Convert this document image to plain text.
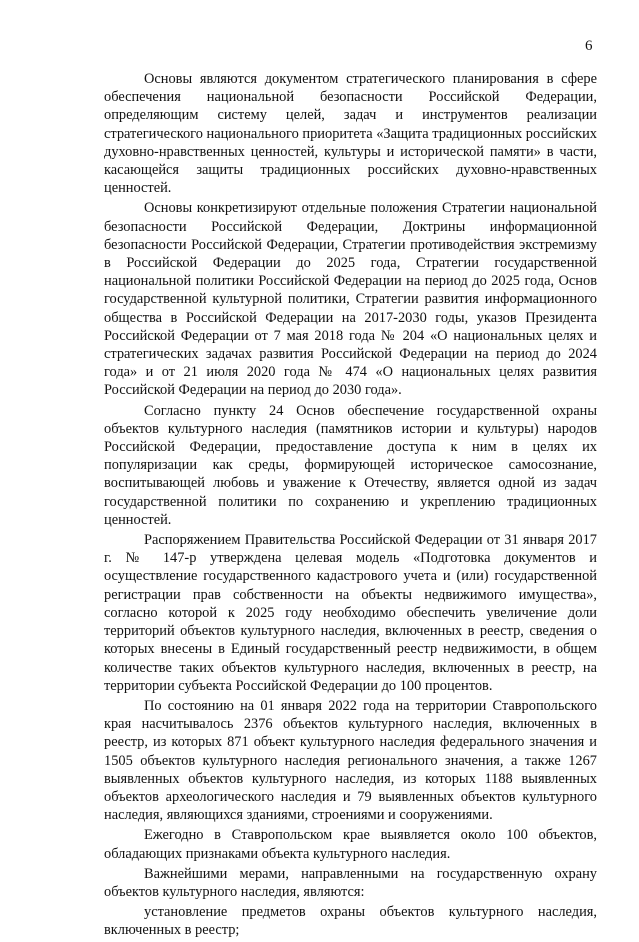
6

Основы являются документом стратегического планирования в сфере обеспечения национальной безопасности Российской Федерации, определяющим систему целей, задач и инструментов реализации стратегического национального приоритета «Защита традиционных российских духовно-нравственных ценностей, культуры и исторической памяти» в части, касающейся защиты традиционных российских духовно-нравственных ценностей.

Основы конкретизируют отдельные положения Стратегии национальной безопасности Российской Федерации, Доктрины информационной безопасности Российской Федерации, Стратегии противодействия экстремизму в Российской Федерации до 2025 года, Стратегии государственной национальной политики Российской Федерации на период до 2025 года, Основ государственной культурной политики, Стратегии развития информационного общества в Российской Федерации на 2017-2030 годы, указов Президента Российской Федерации от 7 мая 2018 года № 204 «О национальных целях и стратегических задачах развития Российской Федерации на период до 2024 года» и от 21 июля 2020 года № 474 «О национальных целях развития Российской Федерации на период до 2030 года».

Согласно пункту 24 Основ обеспечение государственной охраны объектов культурного наследия (памятников истории и культуры) народов Российской Федерации, предоставление доступа к ним в целях их популяризации как среды, формирующей историческое самосознание, воспитывающей любовь и уважение к Отечеству, является одной из задач государственной политики по сохранению и укреплению традиционных ценностей.

Распоряжением Правительства Российской Федерации от 31 января 2017 г. № 147-р утверждена целевая модель «Подготовка документов и осуществление государственного кадастрового учета и (или) государственной регистрации прав собственности на объекты недвижимого имущества», согласно которой к 2025 году необходимо обеспечить увеличение доли территорий объектов культурного наследия, включенных в реестр, сведения о которых внесены в Единый государственный реестр недвижимости, в общем количестве таких объектов культурного наследия, включенных в реестр, на территории субъекта Российской Федерации до 100 процентов.

По состоянию на 01 января 2022 года на территории Ставропольского края насчитывалось 2376 объектов культурного наследия, включенных в реестр, из которых 871 объект культурного наследия федерального значения и 1505 объектов культурного наследия регионального значения, а также 1267 выявленных объектов культурного наследия, из которых 1188 выявленных объектов археологического наследия и 79 выявленных объектов культурного наследия, являющихся зданиями, строениями и сооружениями.

Ежегодно в Ставропольском крае выявляется около 100 объектов, обладающих признаками объекта культурного наследия.

Важнейшими мерами, направленными на государственную охрану объектов культурного наследия, являются:

установление предметов охраны объектов культурного наследия, включенных в реестр;
